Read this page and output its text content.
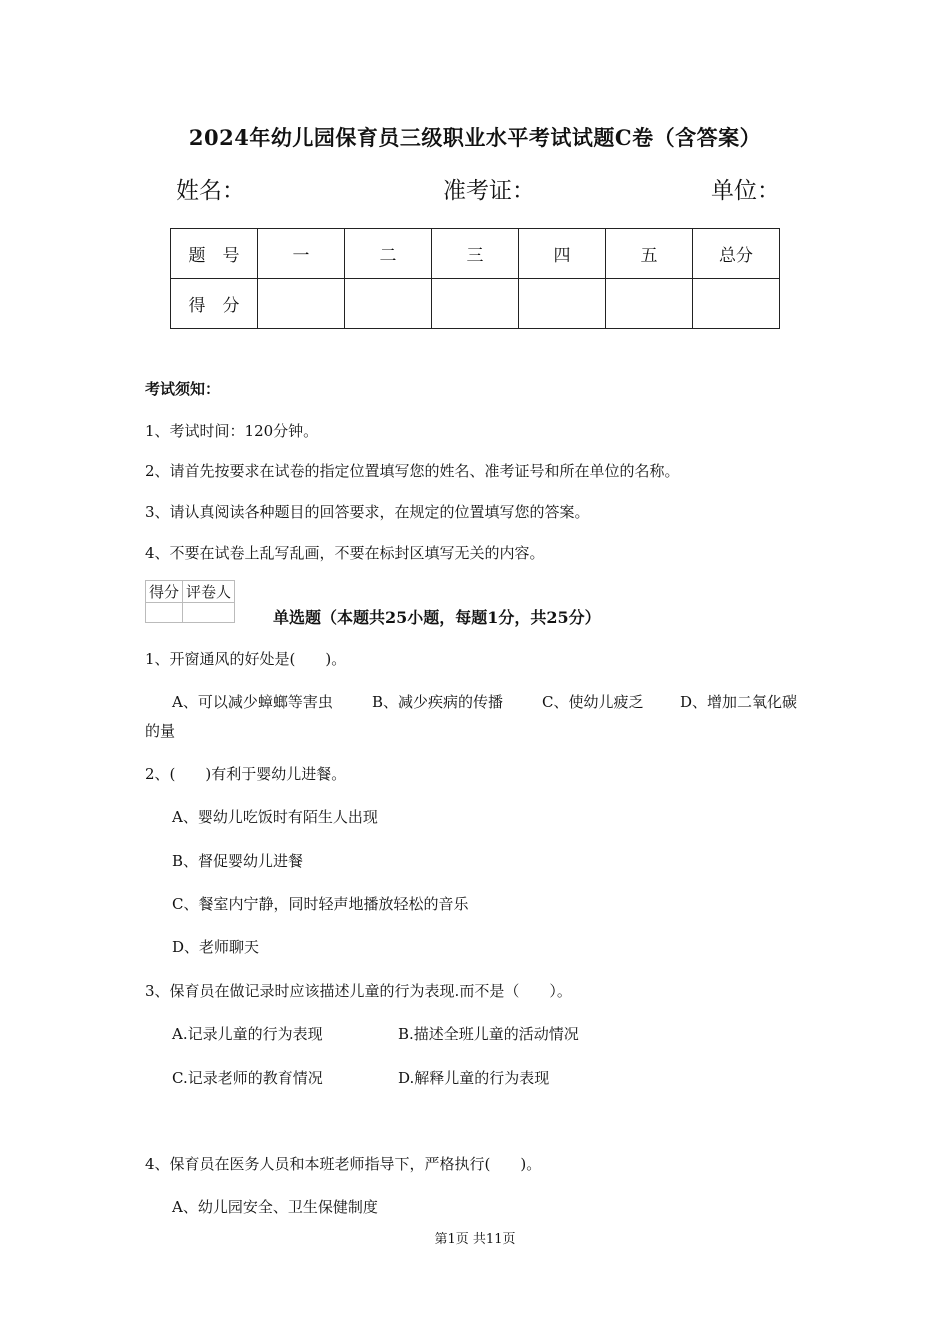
2024年幼儿园保育员三级职业水平考试试题C卷（含答案）
姓名：	准考证：	单位：
题　号	一	二	三	四	五	总分
得　分						
考试须知：
1、考试时间：120分钟。
2、请首先按要求在试卷的指定位置填写您的姓名、准考证号和所在单位的名称。
3、请认真阅读各种题目的回答要求，在规定的位置填写您的答案。
4、不要在试卷上乱写乱画，不要在标封区填写无关的内容。
得分	评卷人

单选题（本题共25小题，每题1分，共25分）
1、开窗通风的好处是(　　)。
A、可以减少蟑螂等害虫	B、减少疾病的传播	C、使幼儿疲乏 D、增加二氧化碳
的量
2、(　　)有利于婴幼儿进餐。
A、婴幼儿吃饭时有陌生人出现
B、督促婴幼儿进餐
C、餐室内宁静，同时轻声地播放轻松的音乐
D、老师聊天
3、保育员在做记录时应该描述儿童的行为表现.而不是（　　）。
A.记录儿童的行为表现	B.描述全班儿童的活动情况
C.记录老师的教育情况	D.解释儿童的行为表现
4、保育员在医务人员和本班老师指导下，严格执行(　　)。
A、幼儿园安全、卫生保健制度
第1页 共11页
